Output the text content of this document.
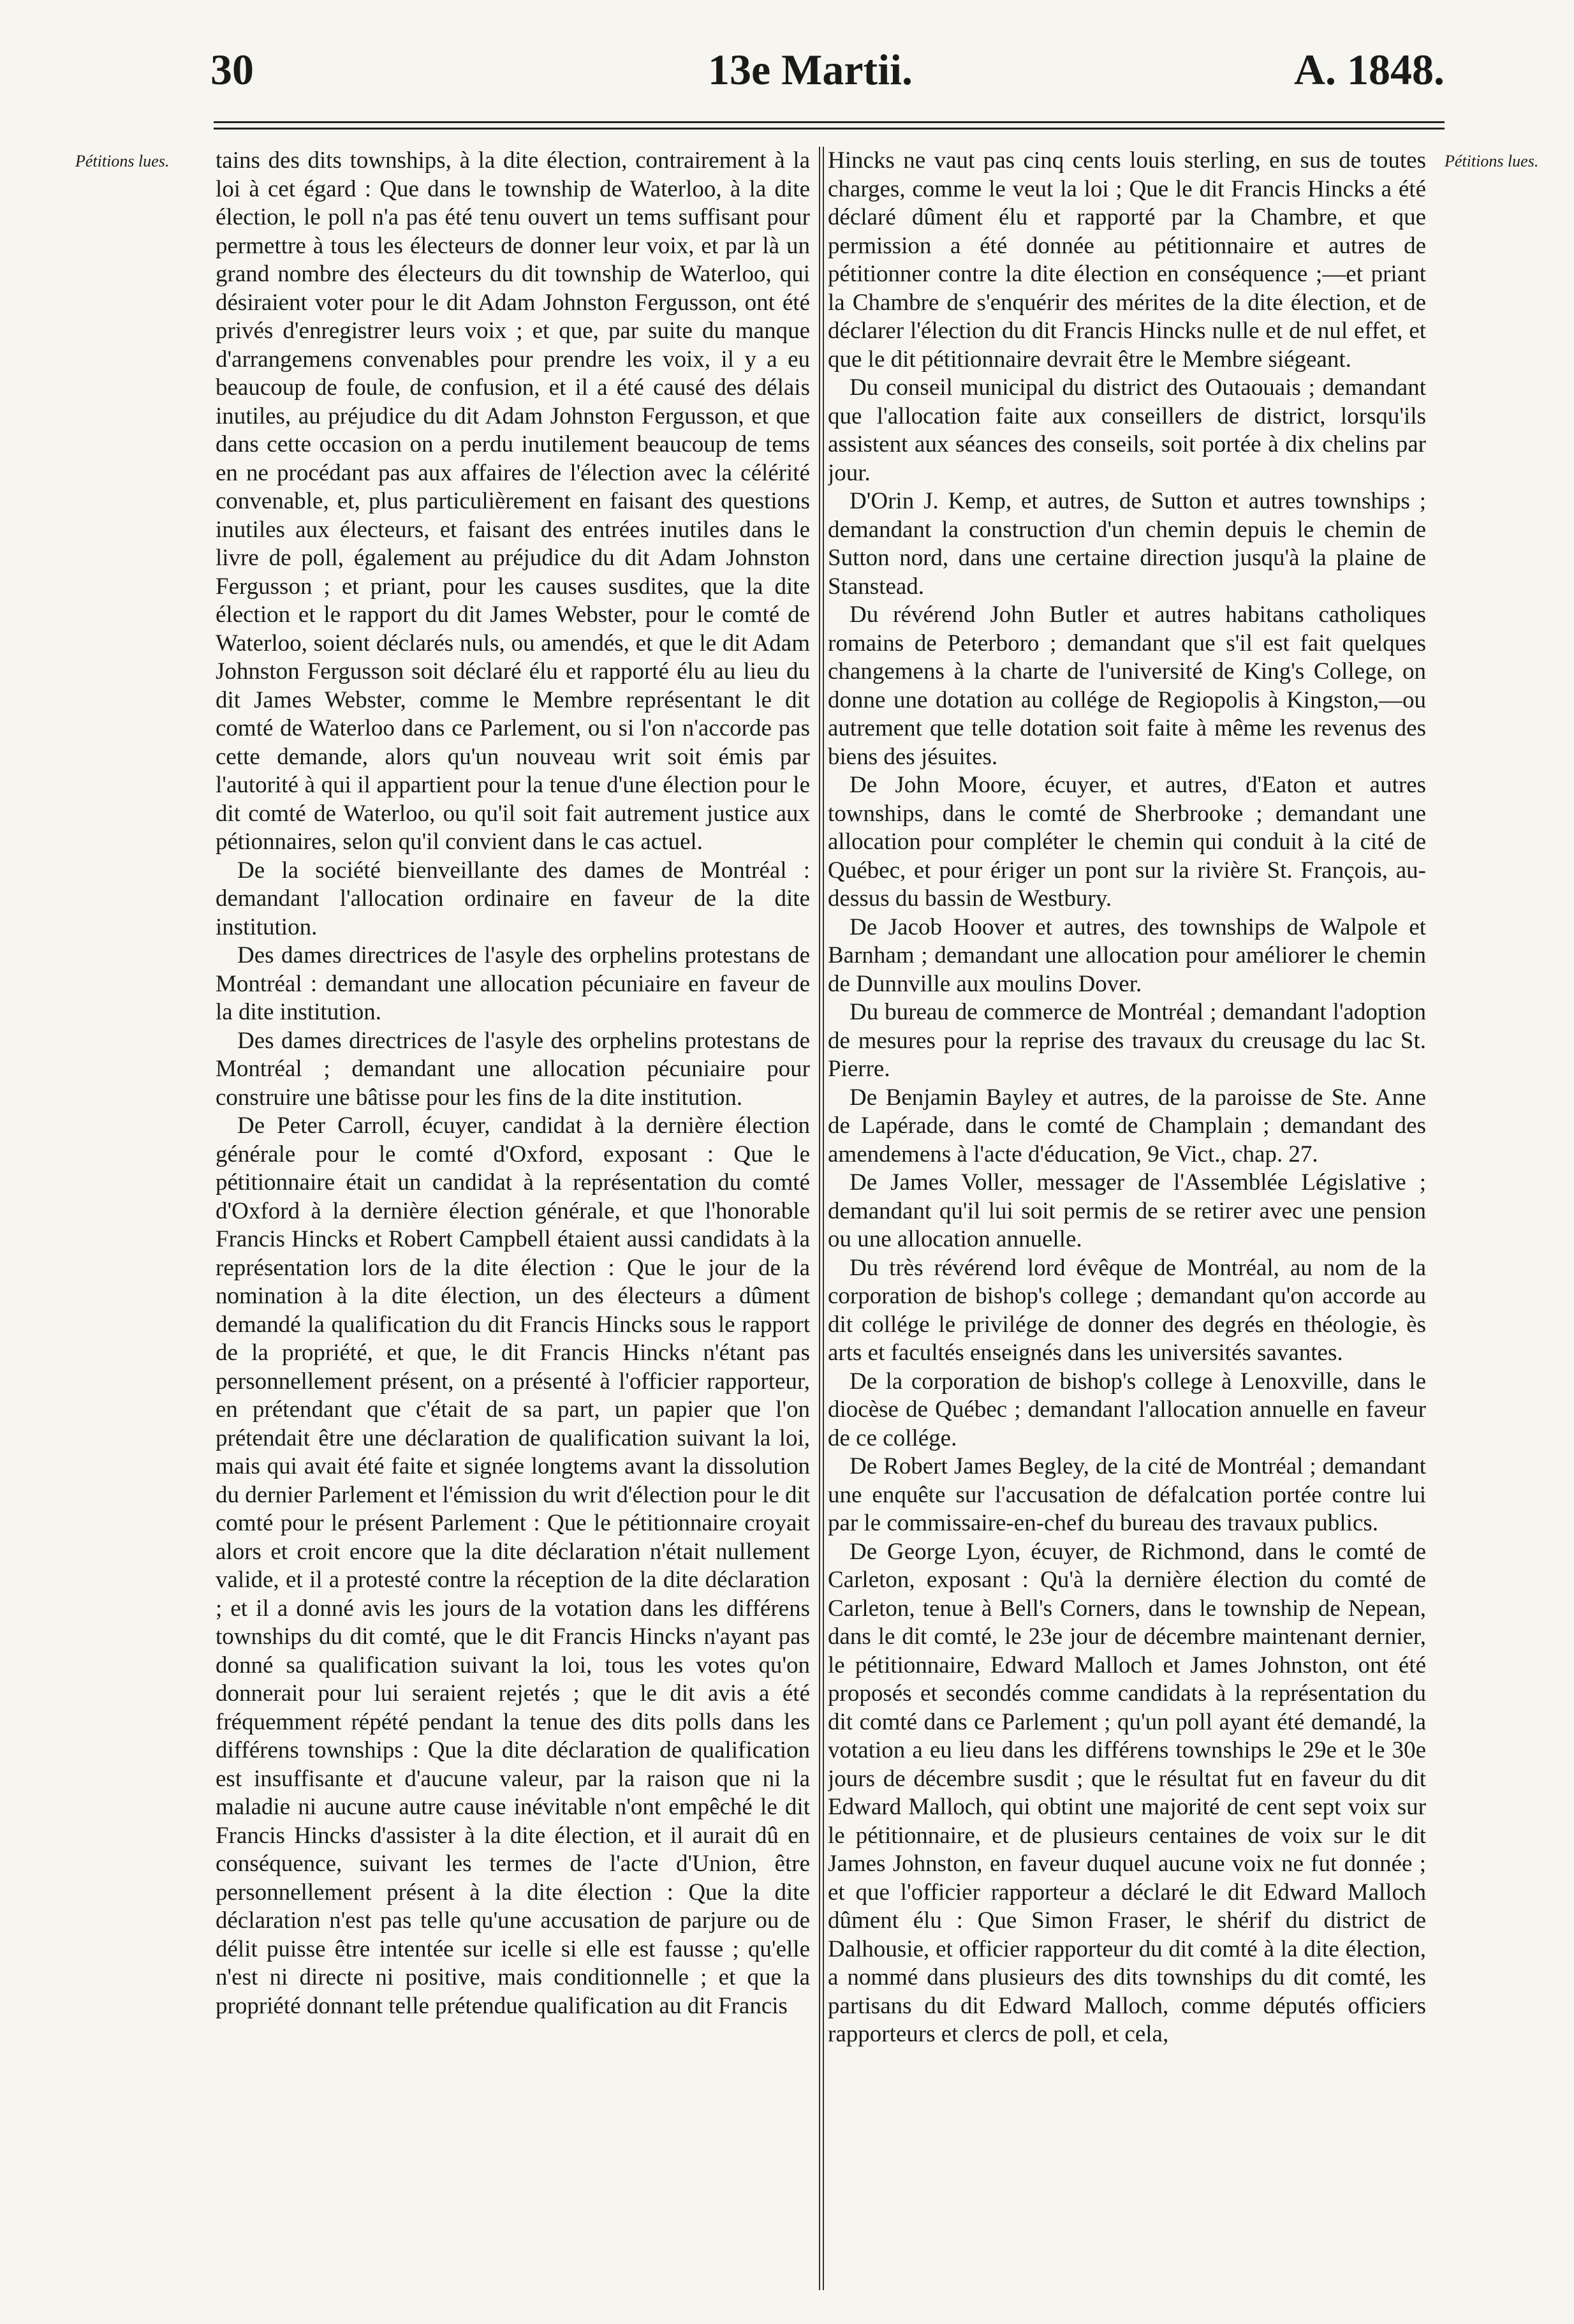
30	13e Martii.	A. 1848.
Pétitions lues.	Pétitions lues.

tains des dits townships, à la dite élection, contrairement à la loi à cet égard : Que dans le township de Waterloo, à la dite élection, le poll n'a pas été tenu ouvert un tems suffisant pour permettre à tous les électeurs de donner leur voix, et par là un grand nombre des électeurs du dit township de Waterloo, qui désiraient voter pour le dit Adam Johnston Fergusson, ont été privés d'enregistrer leurs voix ; et que, par suite du manque d'arrangemens convenables pour prendre les voix, il y a eu beaucoup de foule, de confusion, et il a été causé des délais inutiles, au préjudice du dit Adam Johnston Fergusson, et que dans cette occasion on a perdu inutilement beaucoup de tems en ne procédant pas aux affaires de l'élection avec la célérité convenable, et, plus particulièrement en faisant des questions inutiles aux électeurs, et faisant des entrées inutiles dans le livre de poll, également au préjudice du dit Adam Johnston Fergusson ; et priant, pour les causes susdites, que la dite élection et le rapport du dit James Webster, pour le comté de Waterloo, soient déclarés nuls, ou amendés, et que le dit Adam Johnston Fergusson soit déclaré élu et rapporté élu au lieu du dit James Webster, comme le Membre représentant le dit comté de Waterloo dans ce Parlement, ou si l'on n'accorde pas cette demande, alors qu'un nouveau writ soit émis par l'autorité à qui il appartient pour la tenue d'une élection pour le dit comté de Waterloo, ou qu'il soit fait autrement justice aux pétionnaires, selon qu'il convient dans le cas actuel.

De la société bienveillante des dames de Montréal : demandant l'allocation ordinaire en faveur de la dite institution.

Des dames directrices de l'asyle des orphelins protestans de Montréal : demandant une allocation pécuniaire en faveur de la dite institution.

Des dames directrices de l'asyle des orphelins protestans de Montréal ; demandant une allocation pécuniaire pour construire une bâtisse pour les fins de la dite institution.

De Peter Carroll, écuyer, candidat à la dernière élection générale pour le comté d'Oxford, exposant : Que le pétitionnaire était un candidat à la représentation du comté d'Oxford à la dernière élection générale, et que l'honorable Francis Hincks et Robert Campbell étaient aussi candidats à la représentation lors de la dite élection : Que le jour de la nomination à la dite élection, un des électeurs a dûment demandé la qualification du dit Francis Hincks sous le rapport de la propriété, et que, le dit Francis Hincks n'étant pas personnellement présent, on a présenté à l'officier rapporteur, en prétendant que c'était de sa part, un papier que l'on prétendait être une déclaration de qualification suivant la loi, mais qui avait été faite et signée longtems avant la dissolution du dernier Parlement et l'émission du writ d'élection pour le dit comté pour le présent Parlement : Que le pétitionnaire croyait alors et croit encore que la dite déclaration n'était nullement valide, et il a protesté contre la réception de la dite déclaration ; et il a donné avis les jours de la votation dans les différens townships du dit comté, que le dit Francis Hincks n'ayant pas donné sa qualification suivant la loi, tous les votes qu'on donnerait pour lui seraient rejetés ; que le dit avis a été fréquemment répété pendant la tenue des dits polls dans les différens townships : Que la dite déclaration de qualification est insuffisante et d'aucune valeur, par la raison que ni la maladie ni aucune autre cause inévitable n'ont empêché le dit Francis Hincks d'assister à la dite élection, et il aurait dû en conséquence, suivant les termes de l'acte d'Union, être personnellement présent à la dite élection : Que la dite déclaration n'est pas telle qu'une accusation de parjure ou de délit puisse être intentée sur icelle si elle est fausse ; qu'elle n'est ni directe ni positive, mais conditionnelle ; et que la propriété donnant telle prétendue qualification au dit Francis

Hincks ne vaut pas cinq cents louis sterling, en sus de toutes charges, comme le veut la loi ; Que le dit Francis Hincks a été déclaré dûment élu et rapporté par la Chambre, et que permission a été donnée au pétitionnaire et autres de pétitionner contre la dite élection en conséquence ;—et priant la Chambre de s'enquérir des mérites de la dite élection, et de déclarer l'élection du dit Francis Hincks nulle et de nul effet, et que le dit pétitionnaire devrait être le Membre siégeant.

Du conseil municipal du district des Outaouais ; demandant que l'allocation faite aux conseillers de district, lorsqu'ils assistent aux séances des conseils, soit portée à dix chelins par jour.

D'Orin J. Kemp, et autres, de Sutton et autres townships ; demandant la construction d'un chemin depuis le chemin de Sutton nord, dans une certaine direction jusqu'à la plaine de Stanstead.

Du révérend John Butler et autres habitans catholiques romains de Peterboro ; demandant que s'il est fait quelques changemens à la charte de l'université de King's College, on donne une dotation au collége de Regiopolis à Kingston,—ou autrement que telle dotation soit faite à même les revenus des biens des jésuites.

De John Moore, écuyer, et autres, d'Eaton et autres townships, dans le comté de Sherbrooke ; demandant une allocation pour compléter le chemin qui conduit à la cité de Québec, et pour ériger un pont sur la rivière St. François, au-dessus du bassin de Westbury.

De Jacob Hoover et autres, des townships de Walpole et Barnham ; demandant une allocation pour améliorer le chemin de Dunnville aux moulins Dover.

Du bureau de commerce de Montréal ; demandant l'adoption de mesures pour la reprise des travaux du creusage du lac St. Pierre.

De Benjamin Bayley et autres, de la paroisse de Ste. Anne de Lapérade, dans le comté de Champlain ; demandant des amendemens à l'acte d'éducation, 9e Vict., chap. 27.

De James Voller, messager de l'Assemblée Législative ; demandant qu'il lui soit permis de se retirer avec une pension ou une allocation annuelle.

Du très révérend lord évêque de Montréal, au nom de la corporation de bishop's college ; demandant qu'on accorde au dit collége le privilége de donner des degrés en théologie, ès arts et facultés enseignés dans les universités savantes.

De la corporation de bishop's college à Lenoxville, dans le diocèse de Québec ; demandant l'allocation annuelle en faveur de ce collége.

De Robert James Begley, de la cité de Montréal ; demandant une enquête sur l'accusation de défalcation portée contre lui par le commissaire-en-chef du bureau des travaux publics.

De George Lyon, écuyer, de Richmond, dans le comté de Carleton, exposant : Qu'à la dernière élection du comté de Carleton, tenue à Bell's Corners, dans le township de Nepean, dans le dit comté, le 23e jour de décembre maintenant dernier, le pétitionnaire, Edward Malloch et James Johnston, ont été proposés et secondés comme candidats à la représentation du dit comté dans ce Parlement ; qu'un poll ayant été demandé, la votation a eu lieu dans les différens townships le 29e et le 30e jours de décembre susdit ; que le résultat fut en faveur du dit Edward Malloch, qui obtint une majorité de cent sept voix sur le pétitionnaire, et de plusieurs centaines de voix sur le dit James Johnston, en faveur duquel aucune voix ne fut donnée ; et que l'officier rapporteur a déclaré le dit Edward Malloch dûment élu : Que Simon Fraser, le shérif du district de Dalhousie, et officier rapporteur du dit comté à la dite élection, a nommé dans plusieurs des dits townships du dit comté, les partisans du dit Edward Malloch, comme députés officiers rapporteurs et clercs de poll, et cela,
